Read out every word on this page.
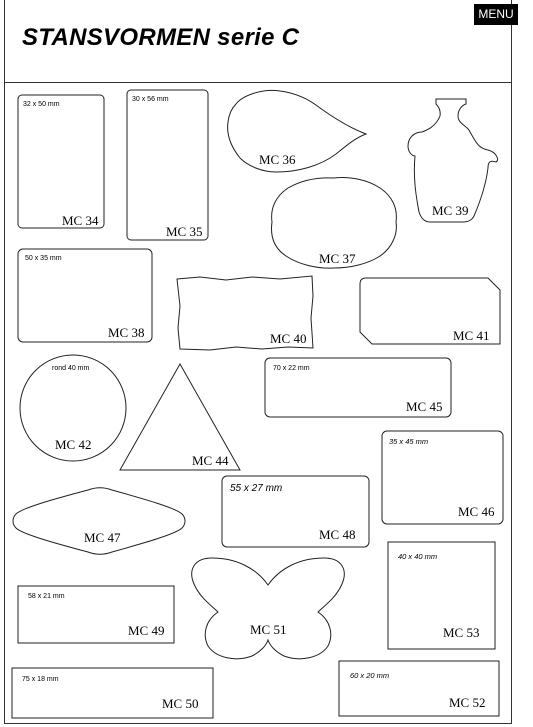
STANSVORMEN serie C
MENU
32 x 50 mm
MC 34
30 x 56 mm
MC 35
MC 36
MC 39
MC 37
50 x 35 mm
MC 38	MC 40	MC 41
rond 40 mm
MC 42
MC 44
70 x 22 mm
MC 45
35 x 45 mm
MC 46
MC 47
55 x 27 mm
MC 48
40 x 40 mm
MC 53
58 x 21 mm
MC 49	MC 51
75 x 18 mm
MC 50
60 x 20 mm
MC 52
